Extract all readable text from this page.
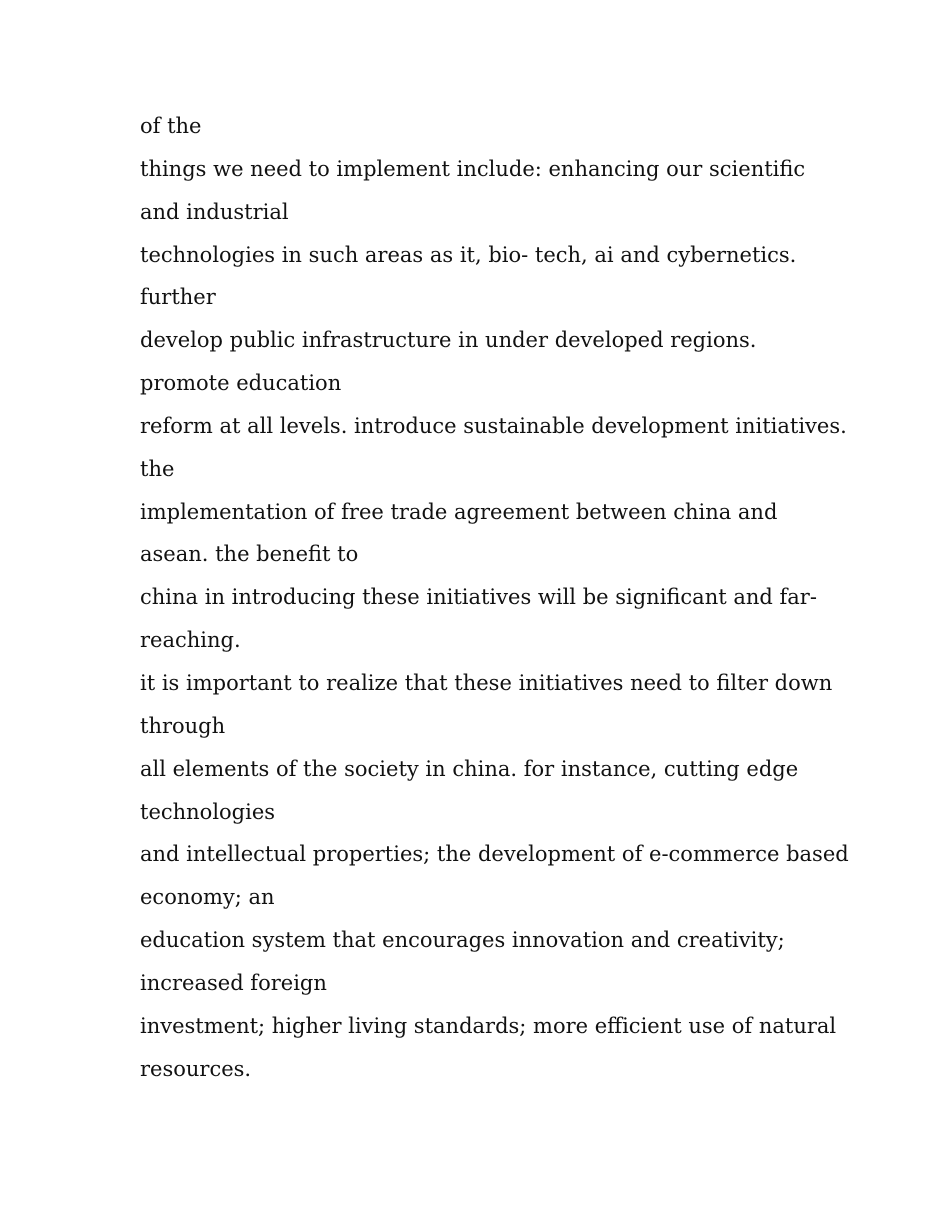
of the
things we need to implement include: enhancing our scientific
and industrial
technologies in such areas as it, bio- tech, ai and cybernetics.
further
develop public infrastructure in under developed regions.
promote education
reform at all levels. introduce sustainable development initiatives.
the
implementation of free trade agreement between china and
asean. the benefit to
china in introducing these initiatives will be significant and far-
reaching.
it is important to realize that these initiatives need to filter down
through
all elements of the society in china. for instance, cutting edge
technologies
and intellectual properties; the development of e-commerce based
economy; an
education system that encourages innovation and creativity;
increased foreign
investment; higher living standards; more efficient use of natural
resources.
